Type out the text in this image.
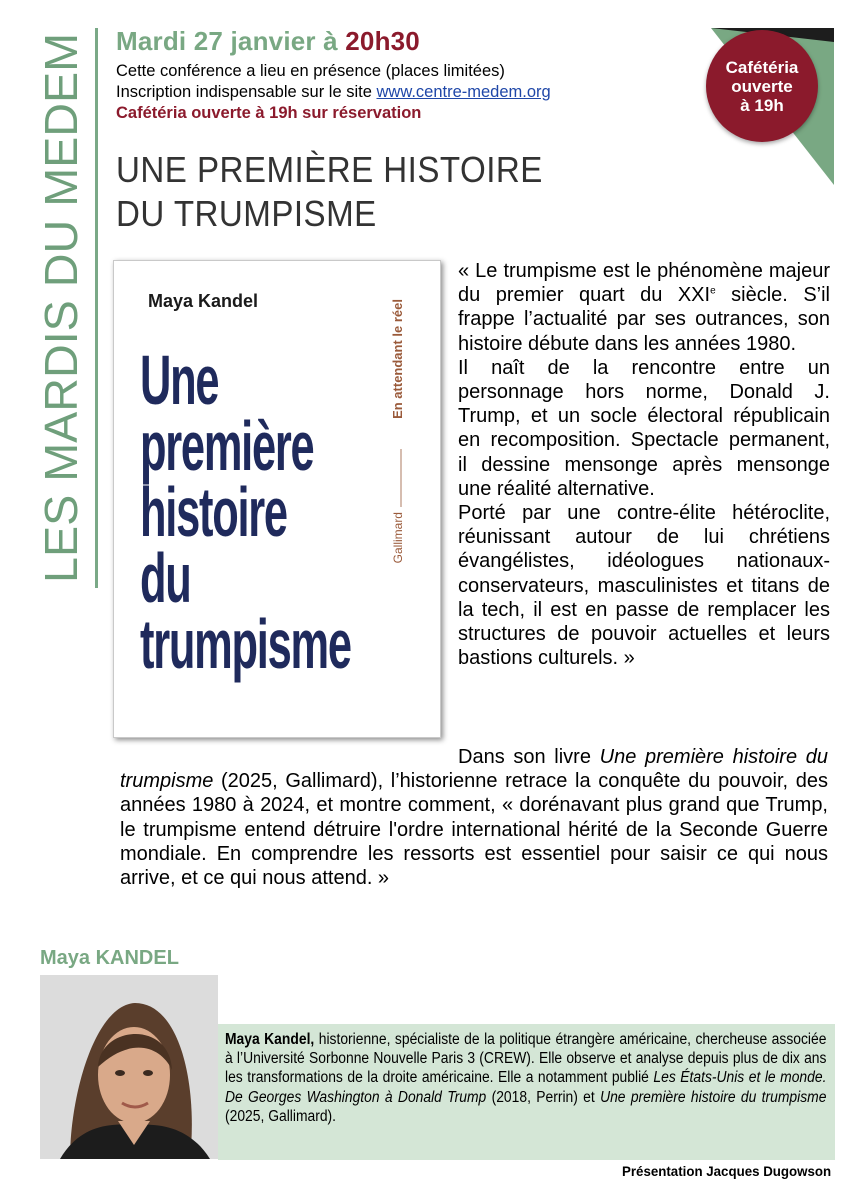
LES MARDIS DU MEDEM
Mardi 27 janvier à 20h30
Cette conférence a lieu en présence (places limitées)
Inscription indispensable sur le site www.centre-medem.org
Cafétéria ouverte à 19h sur réservation
Cafétéria
ouverte
à 19h
UNE PREMIÈRE HISTOIRE
DU TRUMPISME
Maya Kandel
Une
première
histoire
du
trumpisme
En attendant le réel
Gallimard

« Le trumpisme est le phénomène majeur du premier quart du XXIe siècle. S’il frappe l’actualité par ses outrances, son histoire débute dans les années 1980.

Il naît de la rencontre entre un personnage hors norme, Donald J. Trump, et un socle électoral républicain en recomposition. Spectacle permanent, il dessine mensonge après mensonge une réalité alternative.

Porté par une contre-élite hétéroclite, réunissant autour de lui chrétiens évangélistes, idéologues nationaux-conservateurs, masculinistes et titans de la tech, il est en passe de remplacer les structures de pouvoir actuelles et leurs bastions culturels. »

Dans son livre Une première histoire du trumpisme (2025, Gallimard), l’historienne retrace la conquête du pouvoir, des années 1980 à 2024, et montre comment, « dorénavant plus grand que Trump, le trumpisme entend détruire l'ordre international hérité de la Seconde Guerre mondiale. En comprendre les ressorts est essentiel pour saisir ce qui nous arrive, et ce qui nous attend. »
Maya KANDEL
Maya Kandel, historienne, spécialiste de la politique étrangère américaine, chercheuse associée à l’Université Sorbonne Nouvelle Paris 3 (CREW). Elle observe et analyse depuis plus de dix ans les transformations de la droite américaine. Elle a notamment publié Les États-Unis et le monde. De Georges Washington à Donald Trump (2018, Perrin) et Une première histoire du trumpisme (2025, Gallimard).
Présentation Jacques Dugowson
